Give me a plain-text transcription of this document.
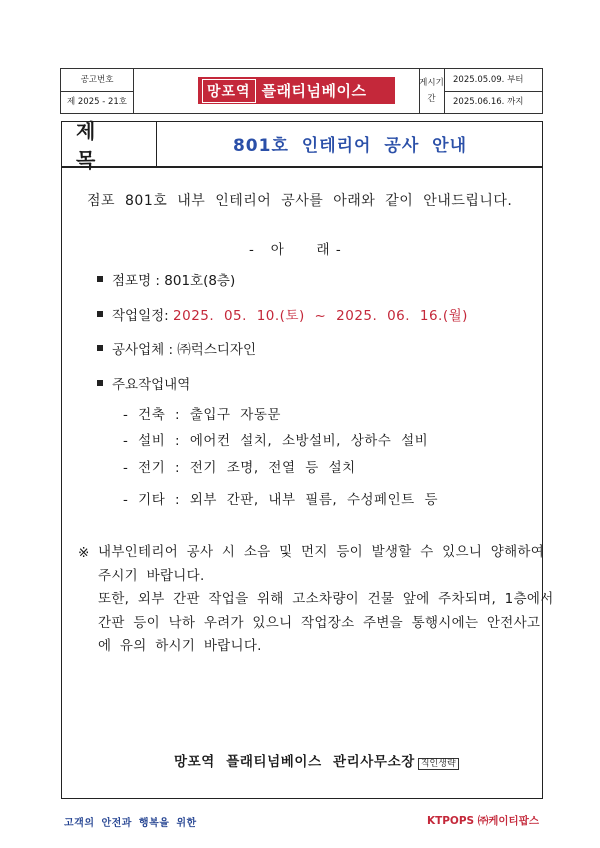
공고번호
제 2025 - 21호
게시기
간
2025.05.09. 부터
2025.06.16. 까지
망포역 플래티넘베이스
제 목
801호 인테리어 공사 안내
점포 801호 내부 인테리어 공사를 아래와 같이 안내드립니다.
-   아      래 -
점포명 : 801호(8층)
작업일정: 2025. 05. 10.(토) ~ 2025. 06. 16.(월)
공사업체 : ㈜럭스디자인
주요작업내역
- 건축 : 출입구 자동문
- 설비 : 에어컨 설치, 소방설비, 상하수 설비
- 전기 : 전기 조명, 전열 등 설치
- 기타 : 외부 간판, 내부 필름, 수성페인트 등
※ 내부인테리어 공사 시 소음 및 먼지 등이 발생할 수 있으니 양해하여
주시기 바랍니다.
또한, 외부 간판 작업을 위해 고소차량이 건물 앞에 주차되며, 1층에서
간판 등이 낙하 우려가 있으니 작업장소 주변을 통행시에는 안전사고
에 유의 하시기 바랍니다.
망포역 플래티넘베이스 관리사무소장 직인생략
고객의 안전과 행복을 위한	KTPOPS ㈜케이티팝스
